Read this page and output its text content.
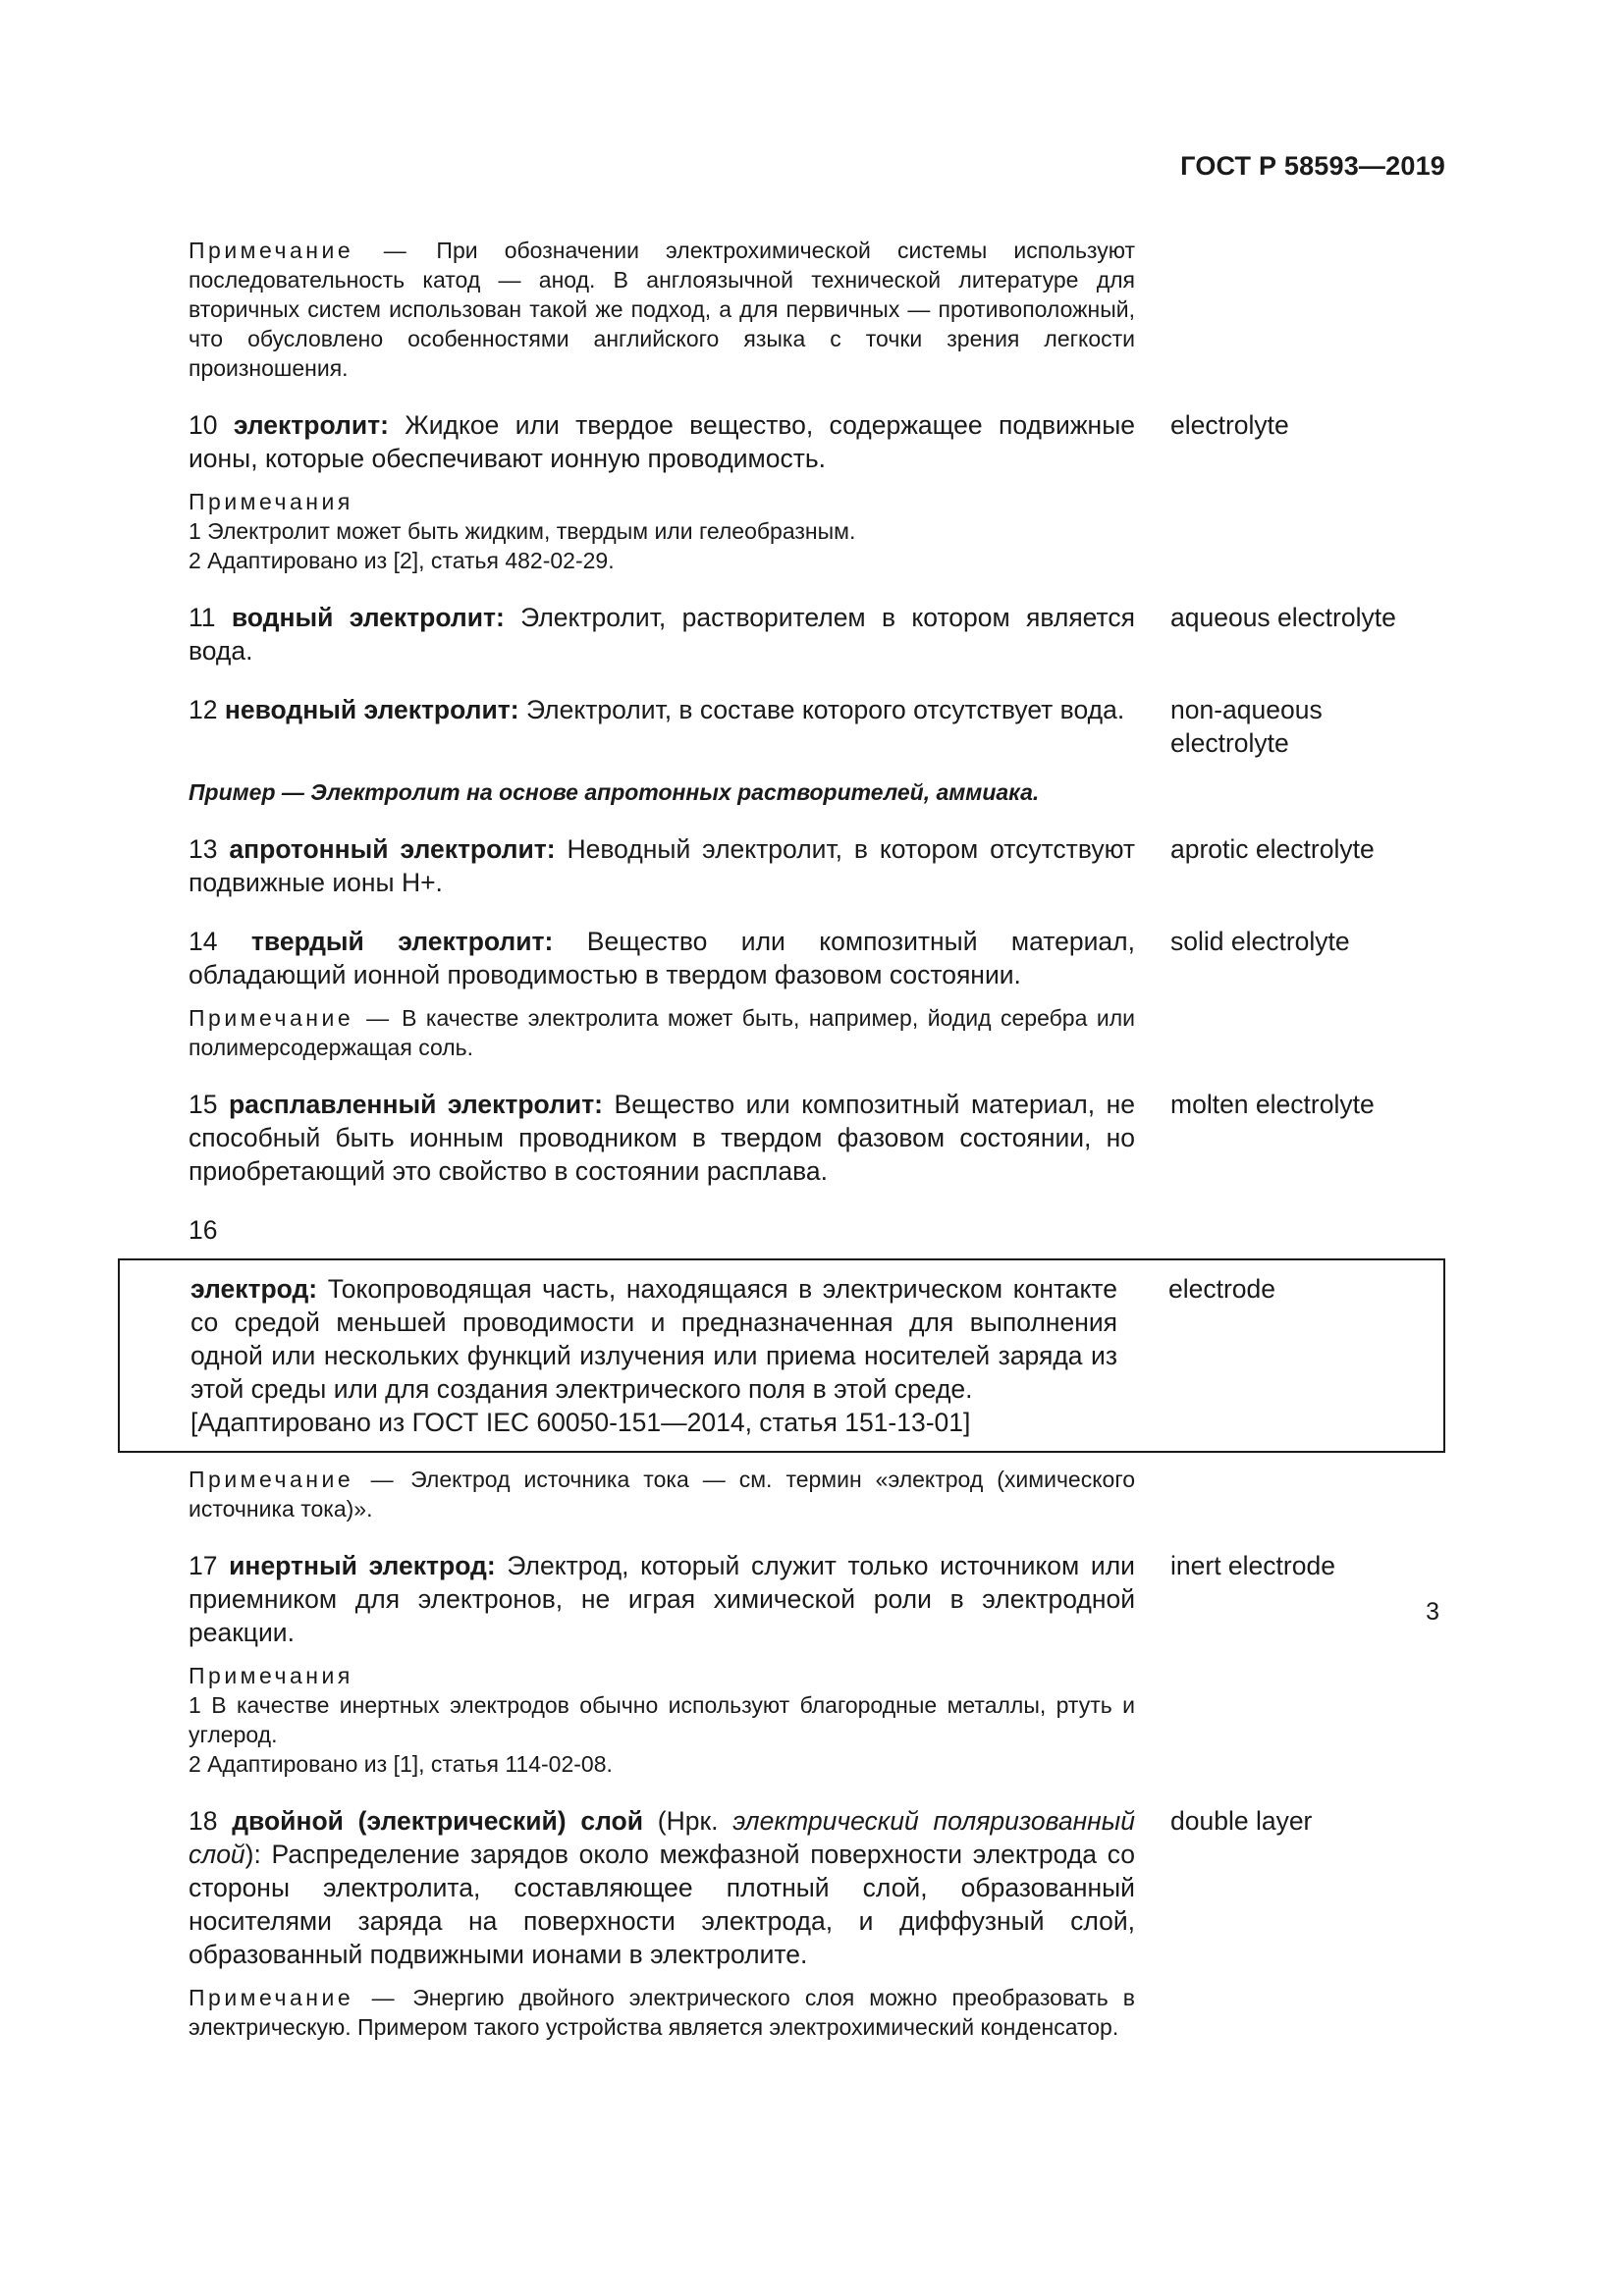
ГОСТ Р 58593—2019
Примечание — При обозначении электрохимической системы используют последовательность катод — анод. В англоязычной технической литературе для вторичных систем использован такой же подход, а для первичных — противоположный, что обусловлено особенностями английского языка с точки зрения легкости произношения.
10 электролит: Жидкое или твердое вещество, содержащее подвижные ионы, которые обеспечивают ионную проводимость.
electrolyte
Примечания
1 Электролит может быть жидким, твердым или гелеобразным.
2 Адаптировано из [2], статья 482-02-29.
11 водный электролит: Электролит, растворителем в котором является вода.
aqueous electrolyte
12 неводный электролит: Электролит, в составе которого отсутствует вода.	non-aqueous
electrolyte
Пример — Электролит на основе апротонных растворителей, аммиака.
13 апротонный электролит: Неводный электролит, в котором отсутствуют подвижные ионы H+.
aprotic electrolyte
14 твердый электролит: Вещество или композитный материал, обладающий ионной проводимостью в твердом фазовом состоянии.
solid electrolyte
Примечание — В качестве электролита может быть, например, йодид серебра или полимерсодержащая соль.
15 расплавленный электролит: Вещество или композитный материал, не способный быть ионным проводником в твердом фазовом состоянии, но приобретающий это свойство в состоянии расплава.
molten electrolyte
16
электрод: Токопроводящая часть, находящаяся в электрическом контакте со средой меньшей проводимости и предназначенная для выполнения одной или нескольких функций излучения или приема носителей заряда из этой среды или для создания электрического поля в этой среде.
[Адаптировано из ГОСТ IEC 60050-151—2014, статья 151-13-01]
electrode
Примечание — Электрод источника тока — см. термин «электрод (химического источника тока)».
17 инертный электрод: Электрод, который служит только источником или приемником для электронов, не играя химической роли в электродной реакции.
inert electrode
Примечания
1 В качестве инертных электродов обычно используют благородные металлы, ртуть и углерод.
2 Адаптировано из [1], статья 114-02-08.
18 двойной (электрический) слой (Нрк. электрический поляризованный слой): Распределение зарядов около межфазной поверхности электрода со стороны электролита, составляющее плотный слой, образованный носителями заряда на поверхности электрода, и диффузный слой, образованный подвижными ионами в электролите.
double layer
Примечание — Энергию двойного электрического слоя можно преобразовать в электрическую. Примером такого устройства является электрохимический конденсатор.
3
